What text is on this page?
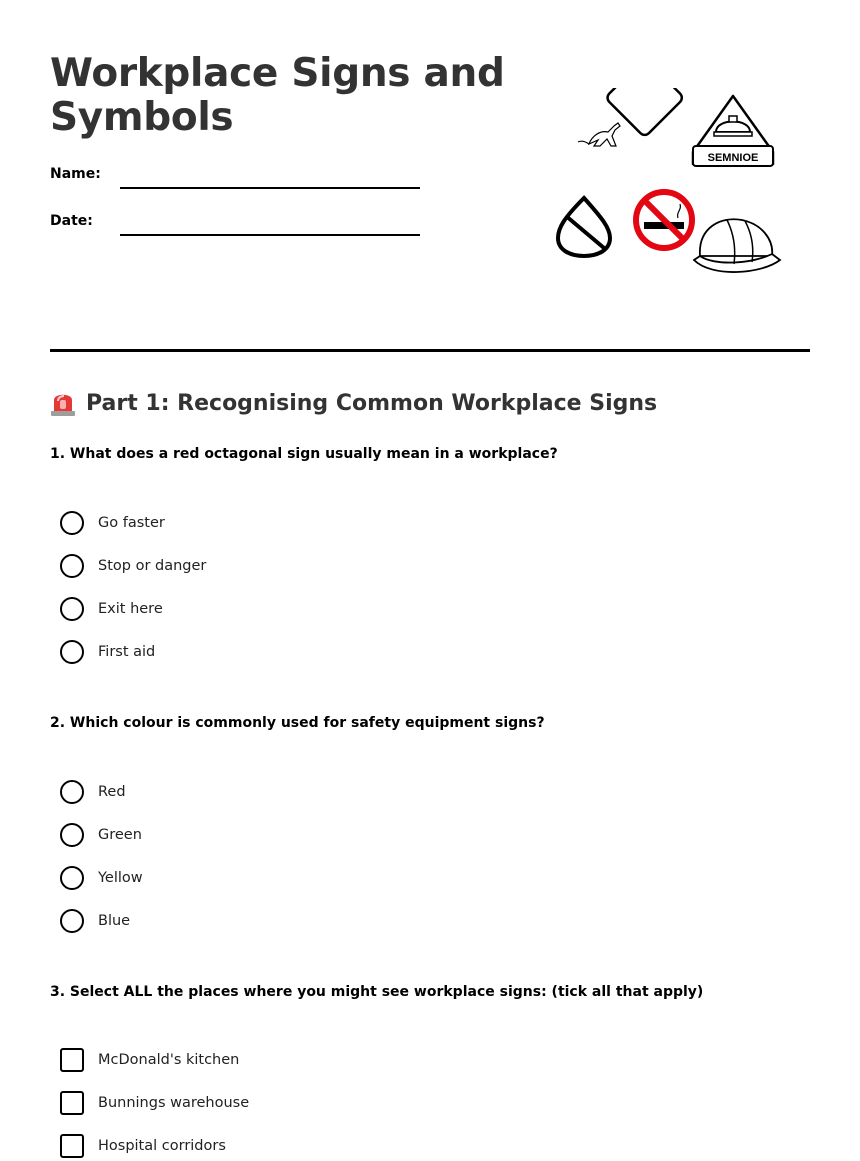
Workplace Signs and Symbols
Name:
Date:
SEMNIOE
Part 1: Recognising Common Workplace Signs
1. What does a red octagonal sign usually mean in a workplace?
Go faster
Stop or danger
Exit here
First aid
2. Which colour is commonly used for safety equipment signs?
Red
Green
Yellow
Blue
3. Select ALL the places where you might see workplace signs: (tick all that apply)
McDonald's kitchen
Bunnings warehouse
Hospital corridors
